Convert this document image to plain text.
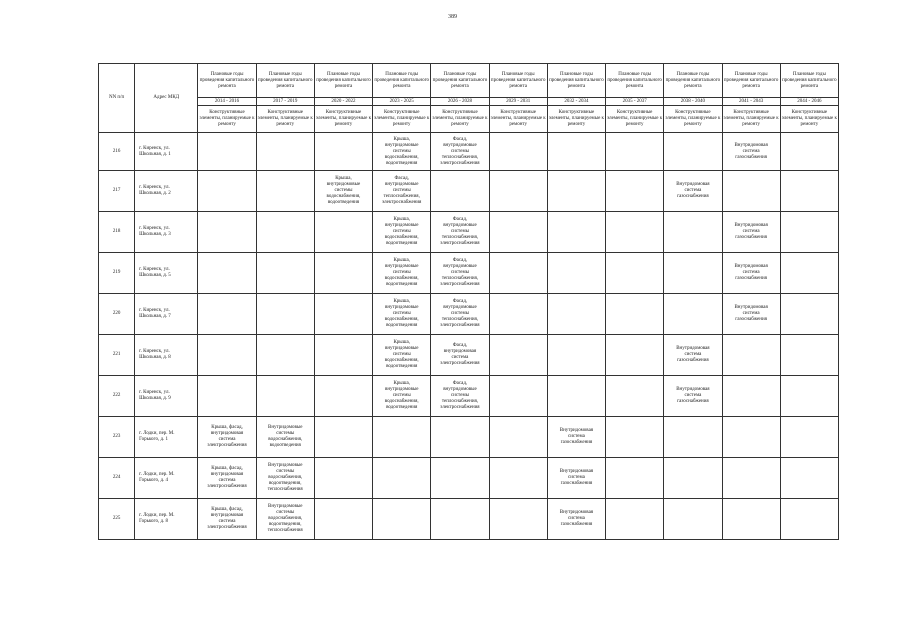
389
NN п/п	Адрес МКД	Плановые годы проведения капитального ремонта	Плановые годы проведения капитального ремонта	Плановые годы проведения капитального ремонта	Плановые годы проведения капитального ремонта	Плановые годы проведения капитального ремонта	Плановые годы проведения капитального ремонта	Плановые годы проведения капитального ремонта	Плановые годы проведения капитального ремонта	Плановые годы проведения капитального ремонта	Плановые годы проведения капитального ремонта	Плановые годы проведения капитального ремонта
		2014 - 2016	2017 - 2019	2020 - 2022	2023 - 2025	2026 - 2028	2029 - 2031	2032 - 2034	2035 - 2037	2038 - 2040	2041 - 2043	2044 - 2046
		Конструктивные элементы, планируемые к ремонту	Конструктивные элементы, планируемые к ремонту	Конструктивные элементы, планируемые к ремонту	Конструктивные элементы, планируемые к ремонту	Конструктивные элементы, планируемые к ремонту	Конструктивные элементы, планируемые к ремонту	Конструктивные элементы, планируемые к ремонту	Конструктивные элементы, планируемые к ремонту	Конструктивные элементы, планируемые к ремонту	Конструктивные элементы, планируемые к ремонту	Конструктивные элементы, планируемые к ремонту
216	г. Киренск, ул.
Школьная, д. 1				Крыша,
внутридомовые
системы
водоснабжения,
водоотведения	Фасад,
внутридомовые
системы
теплоснабжения,
электроснабжения					Внутридомовая
система
газоснабжения	
217	г. Киренск, ул.
Школьная, д. 2			Крыша,
внутридомовые
системы
водоснабжения,
водоотведения	Фасад,
внутридомовые
системы
теплоснабжения,
электроснабжения					Внутридомовая
система
газоснабжения		
218	г. Киренск, ул.
Школьная, д. 3				Крыша,
внутридомовые
системы
водоснабжения,
водоотведения	Фасад,
внутридомовые
системы
теплоснабжения,
электроснабжения					Внутридомовая
система
газоснабжения	
219	г. Киренск, ул.
Школьная, д. 5				Крыша,
внутридомовые
системы
водоснабжения,
водоотведения	Фасад,
внутридомовые
системы
теплоснабжения,
электроснабжения					Внутридомовая
система
газоснабжения	
220	г. Киренск, ул.
Школьная, д. 7				Крыша,
внутридомовые
системы
водоснабжения,
водоотведения	Фасад,
внутридомовые
системы
теплоснабжения,
электроснабжения					Внутридомовая
система
газоснабжения	
221	г. Киренск, ул.
Школьная, д. 8				Крыша,
внутридомовые
системы
водоснабжения,
водоотведения	Фасад,
внутридомовая
система
электроснабжения				Внутридомовая
система
газоснабжения		
222	г. Киренск, ул.
Школьная, д. 9				Крыша,
внутридомовые
системы
водоснабжения,
водоотведения	Фасад,
внутридомовые
системы
теплоснабжения,
электроснабжения				Внутридомовая
система
газоснабжения		
223	г. Лодки, пер. М.
Горького, д. 1	Крыша, фасад,
внутридомовая
система
электроснабжения	Внутридомовые
системы
водоснабжения,
водоотведения					Внутридомовая
система
газоснабжения				
224	г. Лодки, пер. М.
Горького, д. 4	Крыша, фасад,
внутридомовая
система
электроснабжения	Внутридомовые
системы
водоснабжения,
водоотведения,
теплоснабжения					Внутридомовая
система
газоснабжения				
225	г. Лодки, пер. М.
Горького, д. 8	Крыша, фасад,
внутридомовая
система
электроснабжения	Внутридомовые
системы
водоснабжения,
водоотведения,
теплоснабжения					Внутридомовая
система
газоснабжения				
